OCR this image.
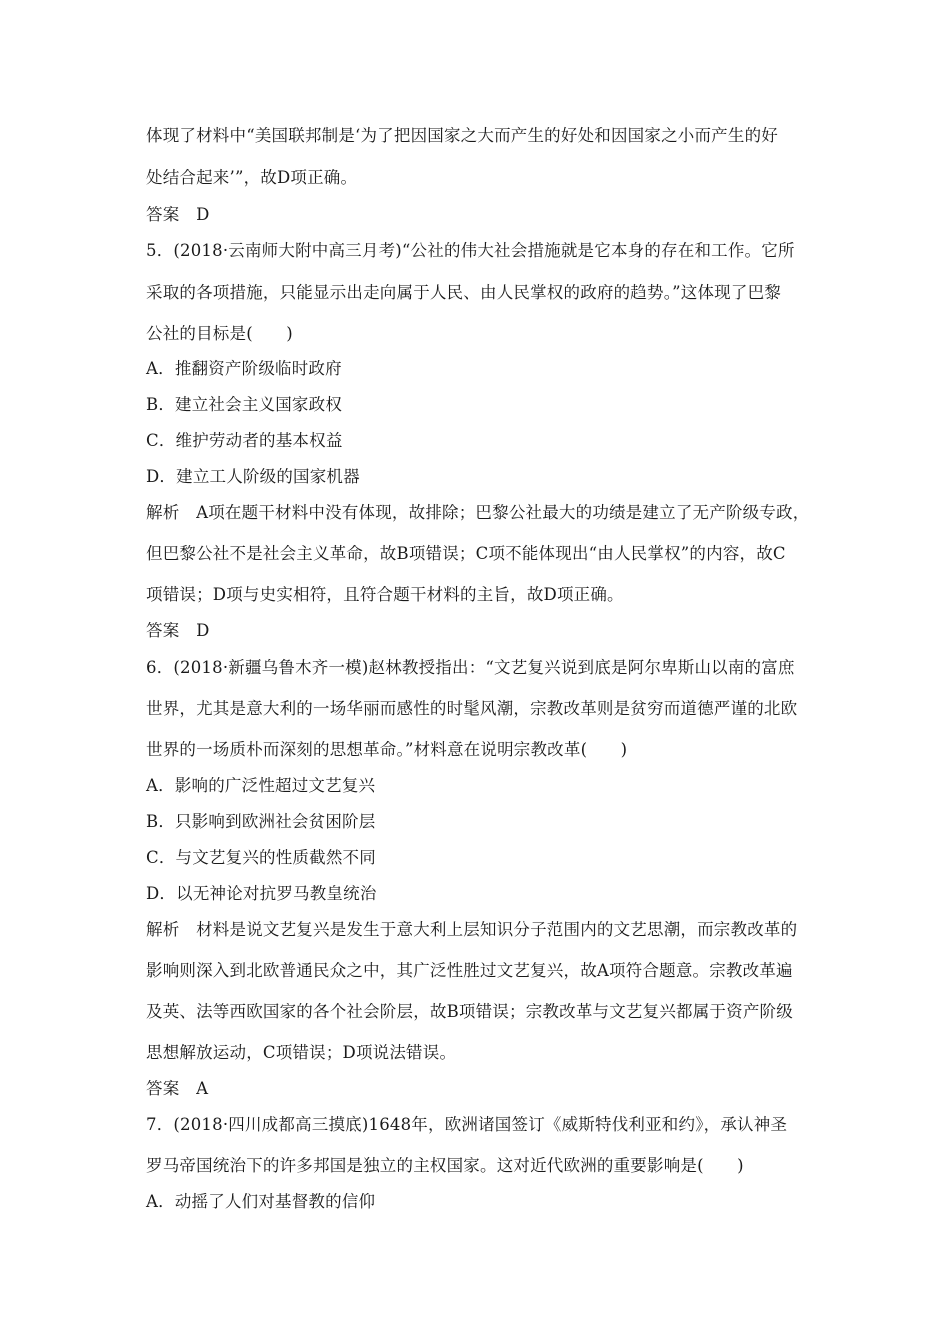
体现了材料中“美国联邦制是‘为了把因国家之大而产生的好处和因国家之小而产生的好
处结合起来’”，故D项正确。
答案　D
5．(2018·云南师大附中高三月考)“公社的伟大社会措施就是它本身的存在和工作。它所
采取的各项措施，只能显示出走向属于人民、由人民掌权的政府的趋势。”这体现了巴黎
公社的目标是(　　)
A．推翻资产阶级临时政府
B．建立社会主义国家政权
C．维护劳动者的基本权益
D．建立工人阶级的国家机器
解析　A项在题干材料中没有体现，故排除；巴黎公社最大的功绩是建立了无产阶级专政，
但巴黎公社不是社会主义革命，故B项错误；C项不能体现出“由人民掌权”的内容，故C
项错误；D项与史实相符，且符合题干材料的主旨，故D项正确。
答案　D
6．(2018·新疆乌鲁木齐一模)赵林教授指出：“文艺复兴说到底是阿尔卑斯山以南的富庶
世界，尤其是意大利的一场华丽而感性的时髦风潮，宗教改革则是贫穷而道德严谨的北欧
世界的一场质朴而深刻的思想革命。”材料意在说明宗教改革(　　)
A．影响的广泛性超过文艺复兴
B．只影响到欧洲社会贫困阶层
C．与文艺复兴的性质截然不同
D．以无神论对抗罗马教皇统治
解析　材料是说文艺复兴是发生于意大利上层知识分子范围内的文艺思潮，而宗教改革的
影响则深入到北欧普通民众之中，其广泛性胜过文艺复兴，故A项符合题意。宗教改革遍
及英、法等西欧国家的各个社会阶层，故B项错误；宗教改革与文艺复兴都属于资产阶级
思想解放运动，C项错误；D项说法错误。
答案　A
7．(2018·四川成都高三摸底)1648年，欧洲诸国签订《威斯特伐利亚和约》，承认神圣
罗马帝国统治下的许多邦国是独立的主权国家。这对近代欧洲的重要影响是(　　)
A．动摇了人们对基督教的信仰
